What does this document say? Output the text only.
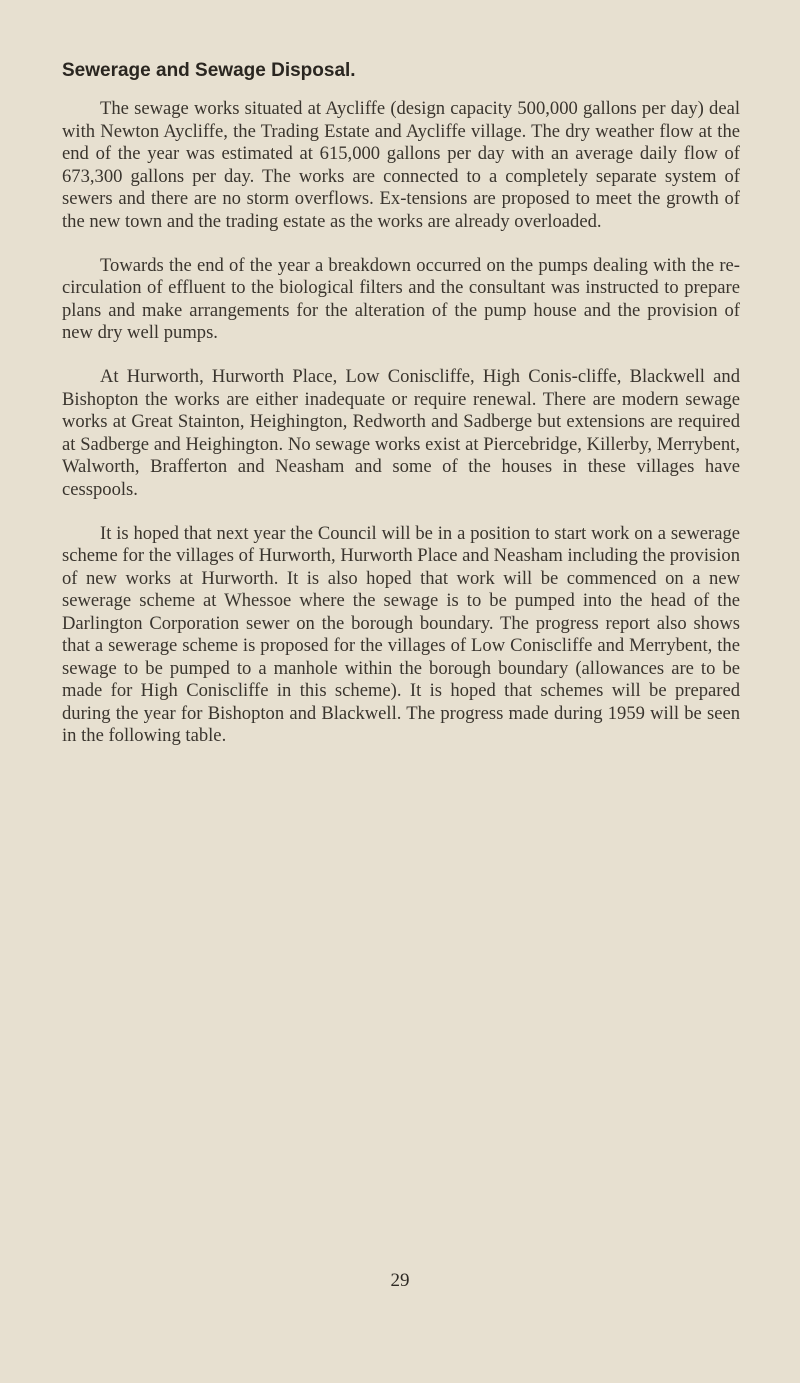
Sewerage and Sewage Disposal.

The sewage works situated at Aycliffe (design capacity 500,000 gallons per day) deal with Newton Aycliffe, the Trading Estate and Aycliffe village. The dry weather flow at the end of the year was estimated at 615,000 gallons per day with an average daily flow of 673,300 gallons per day. The works are connected to a completely separate system of sewers and there are no storm overflows. Ex-tensions are proposed to meet the growth of the new town and the trading estate as the works are already overloaded.

Towards the end of the year a breakdown occurred on the pumps dealing with the re-circulation of effluent to the biological filters and the consultant was instructed to prepare plans and make arrangements for the alteration of the pump house and the provision of new dry well pumps.

At Hurworth, Hurworth Place, Low Coniscliffe, High Conis-cliffe, Blackwell and Bishopton the works are either inadequate or require renewal. There are modern sewage works at Great Stainton, Heighington, Redworth and Sadberge but extensions are required at Sadberge and Heighington. No sewage works exist at Piercebridge, Killerby, Merrybent, Walworth, Brafferton and Neasham and some of the houses in these villages have cesspools.

It is hoped that next year the Council will be in a position to start work on a sewerage scheme for the villages of Hurworth, Hurworth Place and Neasham including the provision of new works at Hurworth. It is also hoped that work will be commenced on a new sewerage scheme at Whessoe where the sewage is to be pumped into the head of the Darlington Corporation sewer on the borough boundary. The progress report also shows that a sewerage scheme is proposed for the villages of Low Coniscliffe and Merrybent, the sewage to be pumped to a manhole within the borough boundary (allowances are to be made for High Coniscliffe in this scheme). It is hoped that schemes will be prepared during the year for Bishopton and Blackwell. The progress made during 1959 will be seen in the following table.

29
